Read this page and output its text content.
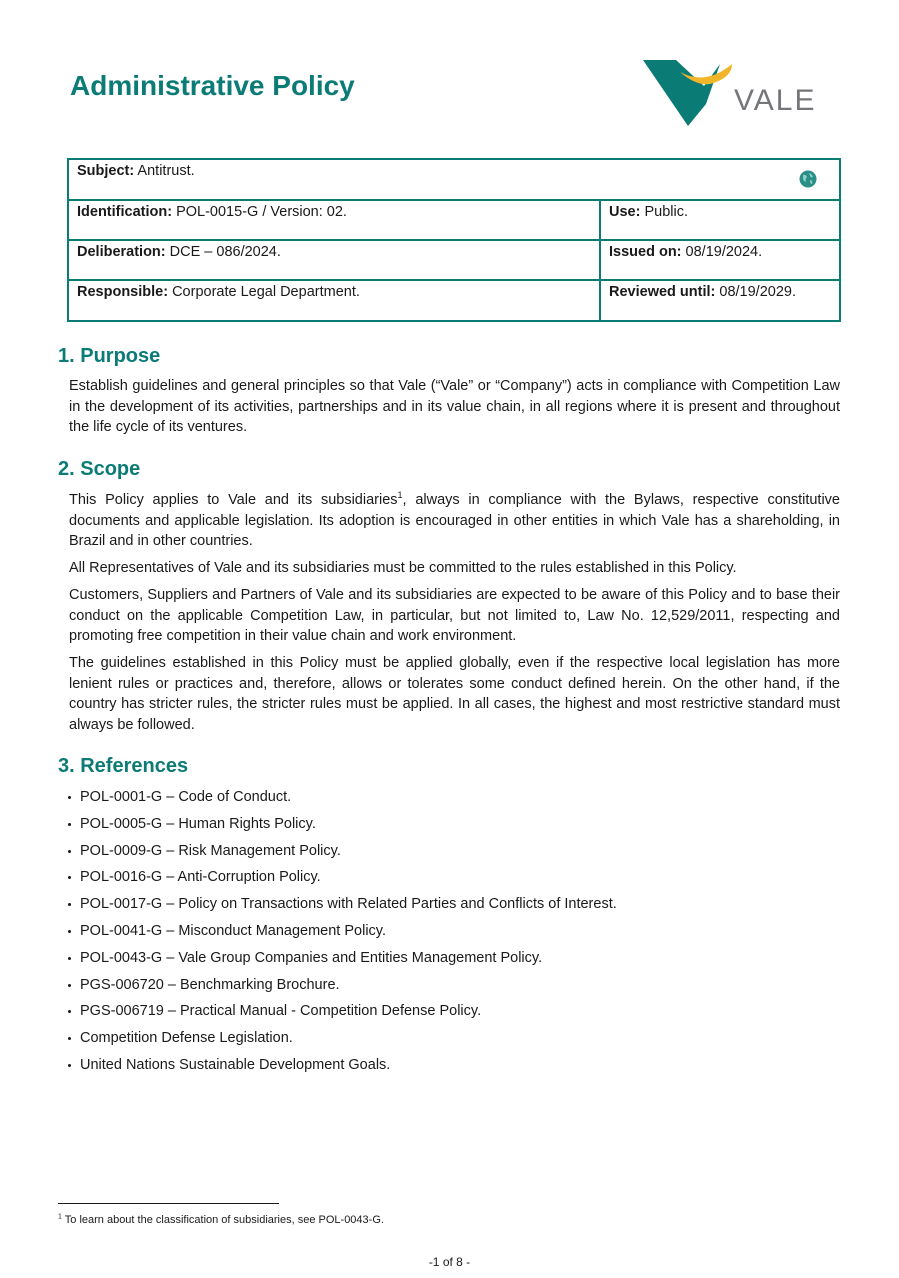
Administrative Policy	VALE
Subject: Antitrust.	

Identification: POL-0015-G / Version: 02.	Use: Public.
Deliberation: DCE – 086/2024.	Issued on: 08/19/2024.
Responsible: Corporate Legal Department.	Reviewed until: 08/19/2029.
1. Purpose

Establish guidelines and general principles so that Vale (“Vale” or “Company”) acts in compliance with Competition Law in the development of its activities, partnerships and in its value chain, in all regions where it is present and throughout the life cycle of its ventures.

2. Scope

This Policy applies to Vale and its subsidiaries$^1$, always in compliance with the Bylaws, respective constitutive documents and applicable legislation. Its adoption is encouraged in other entities in which Vale has a shareholding, in Brazil and in other countries.

All Representatives of Vale and its subsidiaries must be committed to the rules established in this Policy.

Customers, Suppliers and Partners of Vale and its subsidiaries are expected to be aware of this Policy and to base their conduct on the applicable Competition Law, in particular, but not limited to, Law No. 12,529/2011, respecting and promoting free competition in their value chain and work environment.

The guidelines established in this Policy must be applied globally, even if the respective local legislation has more lenient rules or practices and, therefore, allows or tolerates some conduct defined herein. On the other hand, if the country has stricter rules, the stricter rules must be applied. In all cases, the highest and most restrictive standard must always be followed.

3. References
POL-0001-G – Code of Conduct.
POL-0005-G – Human Rights Policy.
POL-0009-G – Risk Management Policy.
POL-0016-G – Anti-Corruption Policy.
POL-0017-G – Policy on Transactions with Related Parties and Conflicts of Interest.
POL-0041-G – Misconduct Management Policy.
POL-0043-G – Vale Group Companies and Entities Management Policy.
PGS-006720 – Benchmarking Brochure.
PGS-006719 – Practical Manual - Competition Defense Policy.
Competition Defense Legislation.
United Nations Sustainable Development Goals.
$^1$ To learn about the classification of subsidiaries, see POL-0043-G.
-1 of 8 -
